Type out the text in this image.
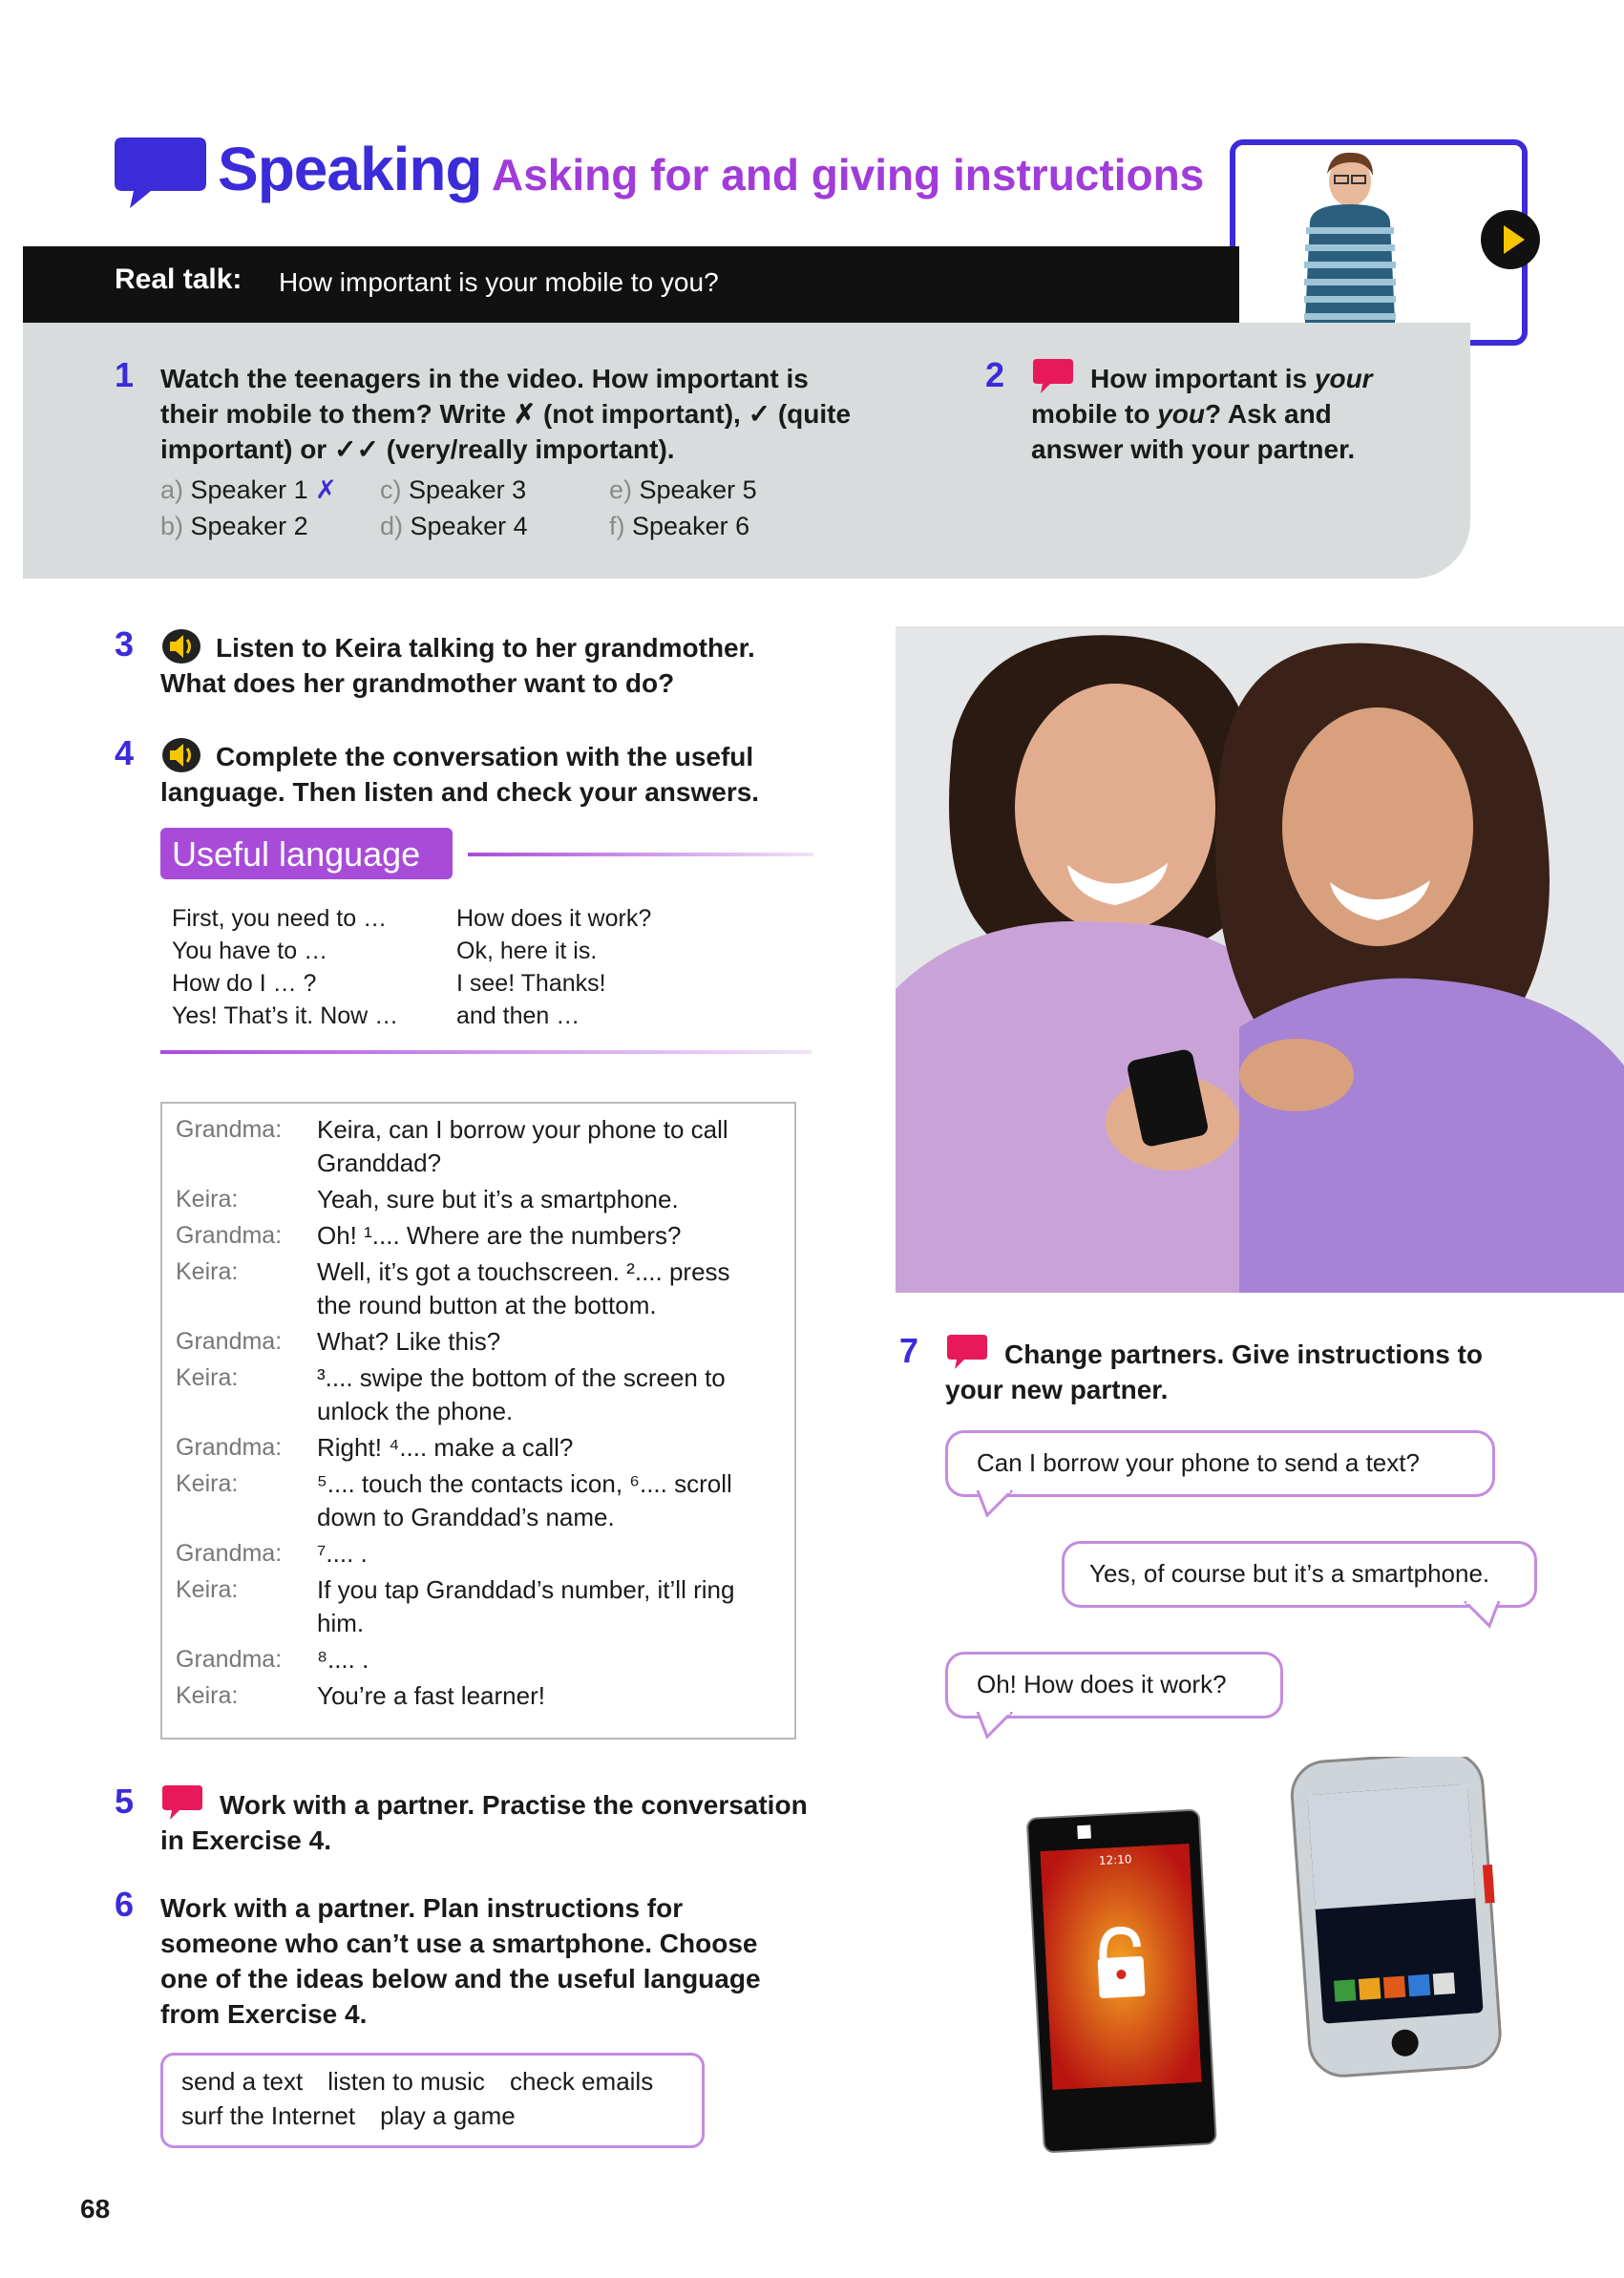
Speaking Asking for and giving instructions
Real talk: How important is your mobile to you?
1 Watch the teenagers in the video. How important is
their mobile to them? Write ✗ (not important), ✓ (quite
important) or ✓✓ (very/really important).
a) Speaker 1 ✗
b) Speaker 2
c) Speaker 3
d) Speaker 4
e) Speaker 5
f) Speaker 6
2	How important is your
mobile to you? Ask and
answer with your partner.
3	Listen to Keira talking to her grandmother.
What does her grandmother want to do?
4	Complete the conversation with the useful
language. Then listen and check your answers.
Useful language
First, you need to …
You have to …
How do I … ?
Yes! That’s it. Now …
How does it work?
Ok, here it is.
I see! Thanks!
and then …
Grandma:	Keira, can I borrow your phone to call
Granddad?
Keira:	Yeah, sure but it’s a smartphone.
Grandma:	Oh! ¹.... Where are the numbers?
Keira:	Well, it’s got a touchscreen. ².... press
the round button at the bottom.
Grandma:	What? Like this?
Keira:	³.... swipe the bottom of the screen to
unlock the phone.
Grandma:	Right! ⁴.... make a call?
Keira:	⁵.... touch the contacts icon, ⁶.... scroll
down to Granddad’s name.
Grandma:	⁷.... .
Keira:	If you tap Granddad’s number, it’ll ring
him.
Grandma:	⁸.... .
Keira:	You’re a fast learner!
5	Work with a partner. Practise the conversation
in Exercise 4.
6 Work with a partner. Plan instructions for
someone who can’t use a smartphone. Choose
one of the ideas below and the useful language
from Exercise 4.
send a text listen to music check emails
surf the Internet play a game
7	Change partners. Give instructions to
your new partner.
Can I borrow your phone to send a text?
Yes, of course but it’s a smartphone.
Oh! How does it work?
12:10
68
